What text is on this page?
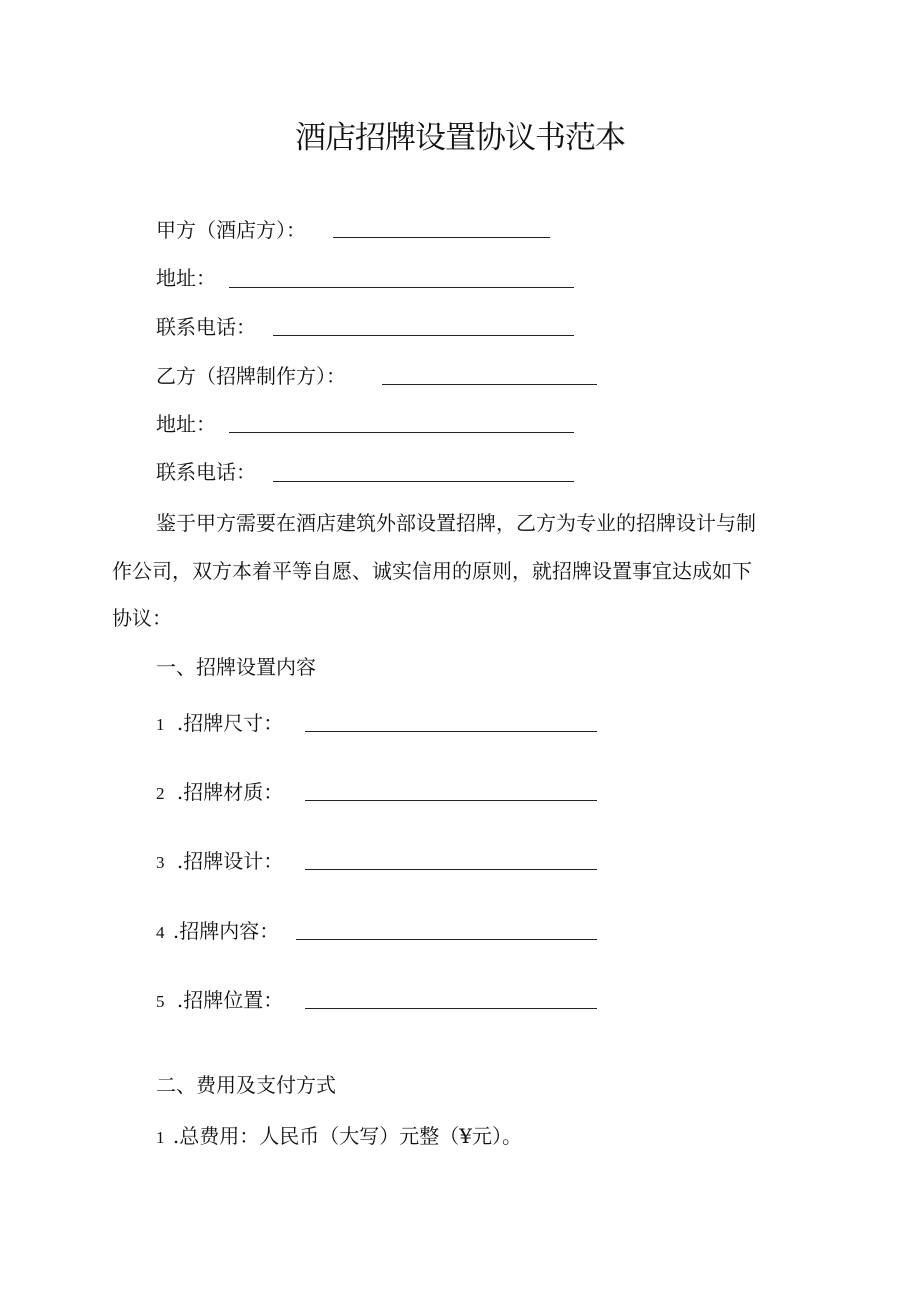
酒店招牌设置协议书范本
甲方（酒店方）：
地址：
联系电话：
乙方（招牌制作方）：
地址：
联系电话：
鉴于甲方需要在酒店建筑外部设置招牌，乙方为专业的招牌设计与制
作公司，双方本着平等自愿、诚实信用的原则，就招牌设置事宜达成如下
协议：
一、招牌设置内容
1 .招牌尺寸：
2 .招牌材质：
3 .招牌设计：
4 .招牌内容：
5 .招牌位置：
二、费用及支付方式
1 .总费用：人民币（大写）元整（¥元）。
